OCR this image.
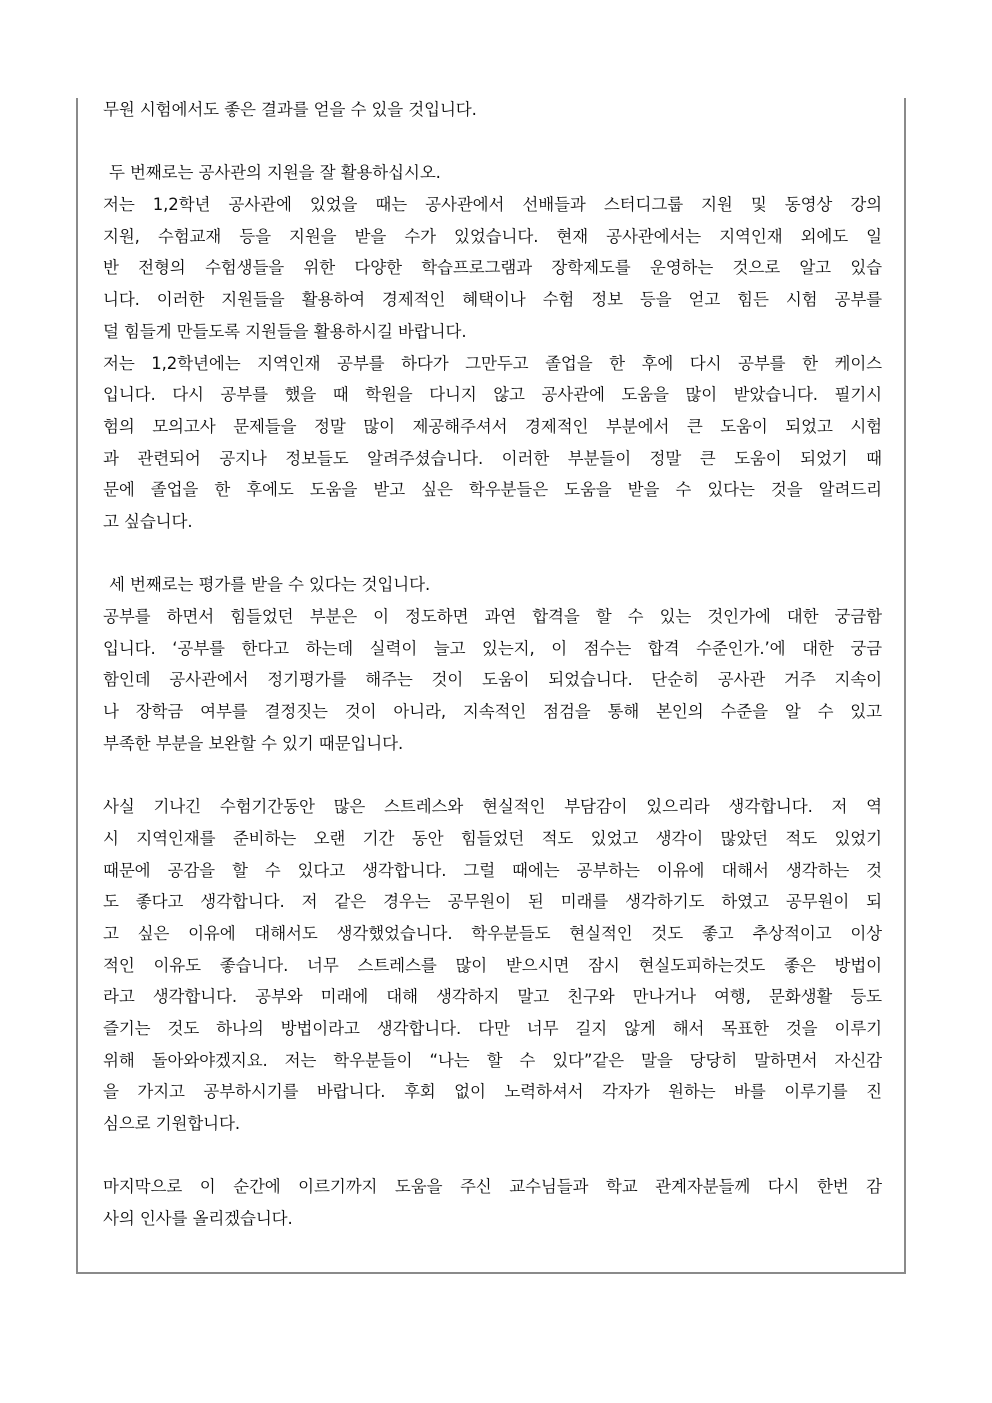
무원 시험에서도 좋은 결과를 얻을 수 있을 것입니다.
두 번째로는 공사관의 지원을 잘 활용하십시오.
저는 1,2학년 공사관에 있었을 때는 공사관에서 선배들과 스터디그룹 지원 및 동영상 강의
지원, 수험교재 등을 지원을 받을 수가 있었습니다. 현재 공사관에서는 지역인재 외에도 일
반 전형의 수험생들을 위한 다양한 학습프로그램과 장학제도를 운영하는 것으로 알고 있습
니다. 이러한 지원들을 활용하여 경제적인 혜택이나 수험 정보 등을 얻고 힘든 시험 공부를
덜 힘들게 만들도록 지원들을 활용하시길 바랍니다.
저는 1,2학년에는 지역인재 공부를 하다가 그만두고 졸업을 한 후에 다시 공부를 한 케이스
입니다. 다시 공부를 했을 때 학원을 다니지 않고 공사관에 도움을 많이 받았습니다. 필기시
험의 모의고사 문제들을 정말 많이 제공해주셔서 경제적인 부분에서 큰 도움이 되었고 시험
과 관련되어 공지나 정보들도 알려주셨습니다. 이러한 부분들이 정말 큰 도움이 되었기 때
문에 졸업을 한 후에도 도움을 받고 싶은 학우분들은 도움을 받을 수 있다는 것을 알려드리
고 싶습니다.
세 번째로는 평가를 받을 수 있다는 것입니다.
공부를 하면서 힘들었던 부분은 이 정도하면 과연 합격을 할 수 있는 것인가에 대한 궁금함
입니다. ‘공부를 한다고 하는데 실력이 늘고 있는지, 이 점수는 합격 수준인가.’에 대한 궁금
함인데 공사관에서 정기평가를 해주는 것이 도움이 되었습니다. 단순히 공사관 거주 지속이
나 장학금 여부를 결정짓는 것이 아니라, 지속적인 점검을 통해 본인의 수준을 알 수 있고
부족한 부분을 보완할 수 있기 때문입니다.
사실 기나긴 수험기간동안 많은 스트레스와 현실적인 부담감이 있으리라 생각합니다. 저 역
시 지역인재를 준비하는 오랜 기간 동안 힘들었던 적도 있었고 생각이 많았던 적도 있었기
때문에 공감을 할 수 있다고 생각합니다. 그럴 때에는 공부하는 이유에 대해서 생각하는 것
도 좋다고 생각합니다. 저 같은 경우는 공무원이 된 미래를 생각하기도 하였고 공무원이 되
고 싶은 이유에 대해서도 생각했었습니다. 학우분들도 현실적인 것도 좋고 추상적이고 이상
적인 이유도 좋습니다. 너무 스트레스를 많이 받으시면 잠시 현실도피하는것도 좋은 방법이
라고 생각합니다. 공부와 미래에 대해 생각하지 말고 친구와 만나거나 여행, 문화생활 등도
즐기는 것도 하나의 방법이라고 생각합니다. 다만 너무 길지 않게 해서 목표한 것을 이루기
위해 돌아와야겠지요. 저는 학우분들이 “나는 할 수 있다”같은 말을 당당히 말하면서 자신감
을 가지고 공부하시기를 바랍니다. 후회 없이 노력하셔서 각자가 원하는 바를 이루기를 진
심으로 기원합니다.
마지막으로 이 순간에 이르기까지 도움을 주신 교수님들과 학교 관계자분들께 다시 한번 감
사의 인사를 올리겠습니다.
